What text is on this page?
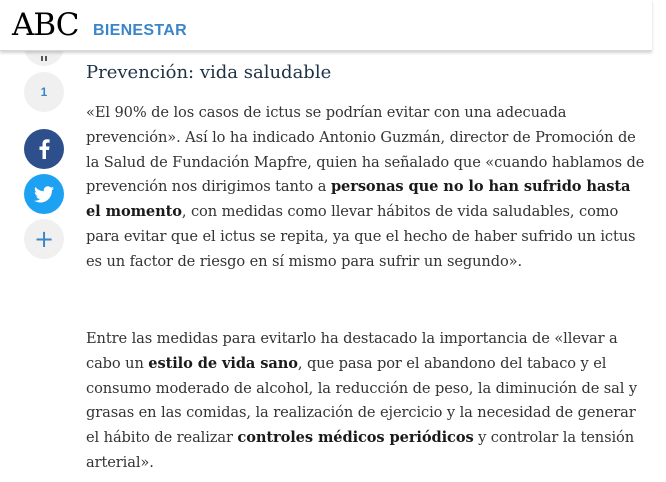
ABC BIENESTAR
1
+
Prevención: vida saludable

«El 90% de los casos de ictus se podrían evitar con una adecuada prevención». Así lo ha indicado Antonio Guzmán, director de Promoción de la Salud de Fundación Mapfre, quien ha señalado que «cuando hablamos de prevención nos dirigimos tanto a personas que no lo han sufrido hasta el momento, con medidas como llevar hábitos de vida saludables, como para evitar que el ictus se repita, ya que el hecho de haber sufrido un ictus es un factor de riesgo en sí mismo para sufrir un segundo».

Entre las medidas para evitarlo ha destacado la importancia de «llevar a cabo un estilo de vida sano, que pasa por el abandono del tabaco y el consumo moderado de alcohol, la reducción de peso, la diminución de sal y grasas en las comidas, la realización de ejercicio y la necesidad de generar el hábito de realizar controles médicos periódicos y controlar la tensión arterial».
